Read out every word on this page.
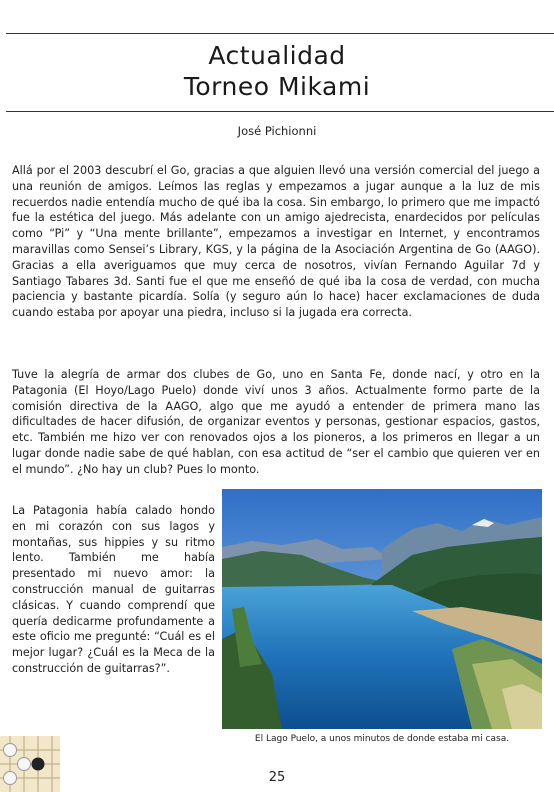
Actualidad
Torneo Mikami
José Pichionni

Allá por el 2003 descubrí el Go, gracias a que alguien llevó una versión comercial del juego a una reunión de amigos. Leímos las reglas y empezamos a jugar aunque a la luz de mis recuerdos nadie entendía mucho de qué iba la cosa. Sin embargo, lo primero que me impactó fue la estética del juego. Más adelante con un amigo ajedrecista, enardecidos por películas como “Pi” y “Una mente brillante”, empezamos a investigar en Internet, y encontramos maravillas como Sensei’s Library, KGS, y la página de la Asociación Argentina de Go (AAGO). Gracias a ella averiguamos que muy cerca de nosotros, vivían Fernando Aguilar 7d y Santiago Tabares 3d. Santi fue el que me enseñó de qué iba la cosa de verdad, con mucha paciencia y bastante picardía. Solía (y seguro aún lo hace) hacer exclamaciones de duda cuando estaba por apoyar una piedra, incluso si la jugada era correcta.

Tuve la alegría de armar dos clubes de Go, uno en Santa Fe, donde nací, y otro en la Patagonia (El Hoyo/Lago Puelo) donde viví unos 3 años. Actualmente formo parte de la comisión directiva de la AAGO, algo que me ayudó a entender de primera mano las dificultades de hacer difusión, de organizar eventos y personas, gestionar espacios, gastos, etc. También me hizo ver con renovados ojos a los pioneros, a los primeros en llegar a un lugar donde nadie sabe de qué hablan, con esa actitud de “ser el cambio que quieren ver en el mundo”. ¿No hay un club? Pues lo monto.

La Patagonia había calado hondo en mi corazón con sus lagos y montañas, sus hippies y su ritmo lento. También me había presentado mi nuevo amor: la construcción manual de guitarras clásicas. Y cuando comprendí que quería dedicarme profundamente a este oficio me pregunté: “Cuál es el mejor lugar? ¿Cuál es la Meca de la construcción de guitarras?”.

El Lago Puelo, a unos minutos de donde estaba mi casa.
25
